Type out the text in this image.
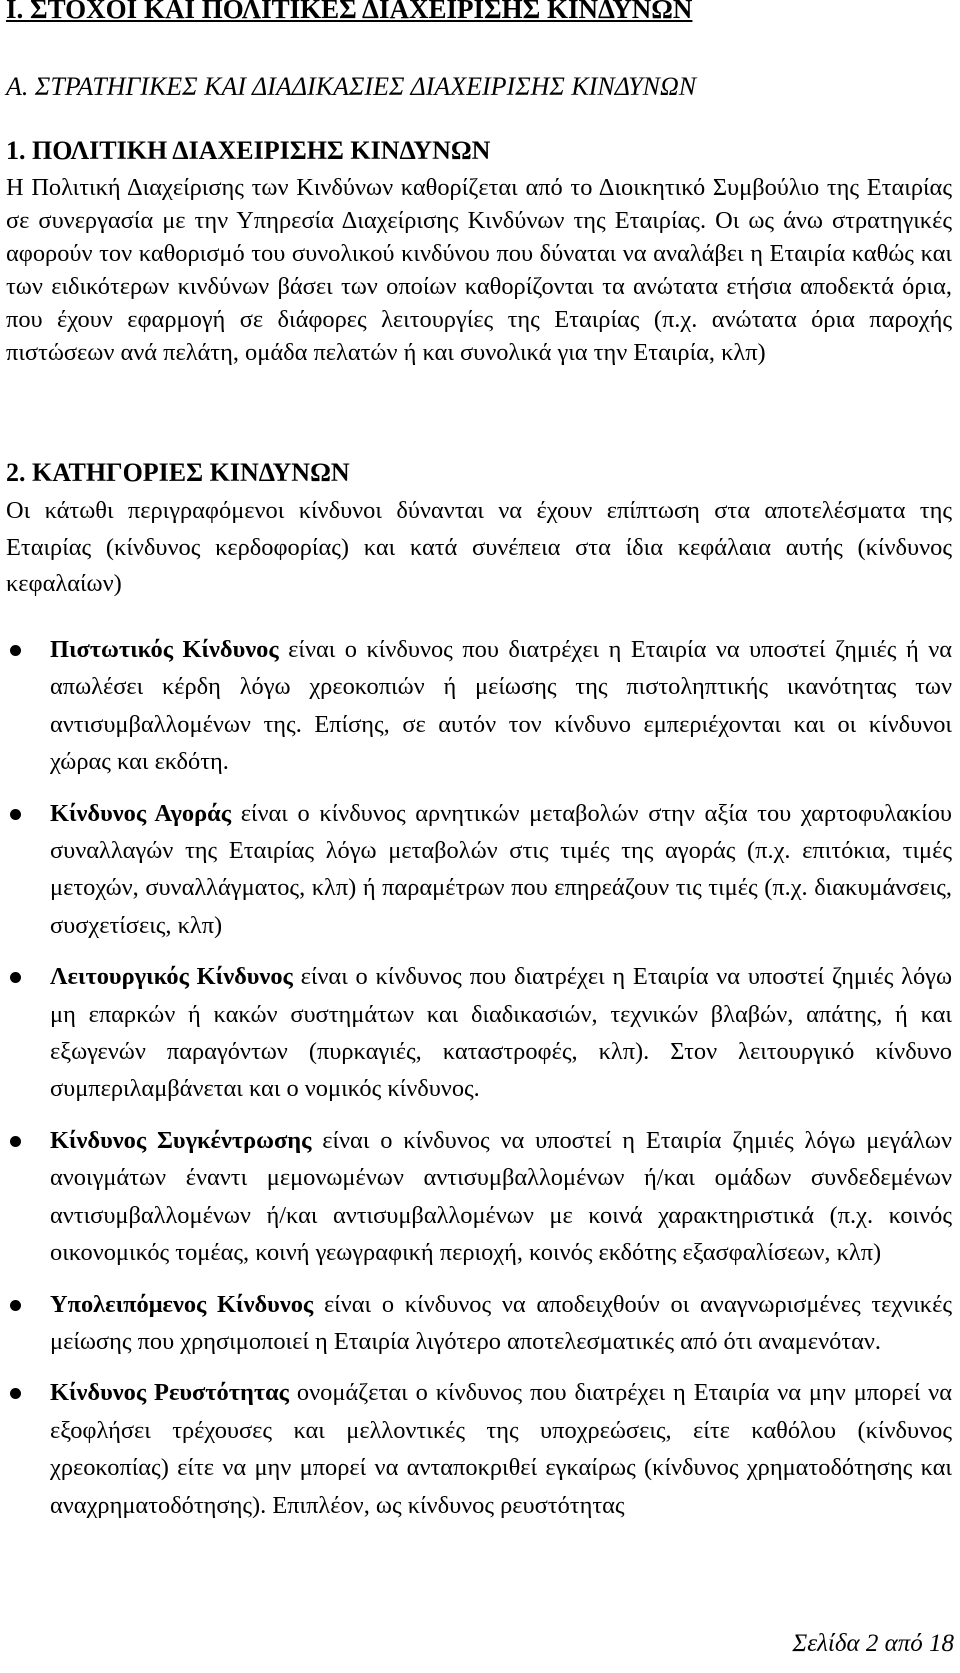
Ι. ΣΤΟΧΟΙ ΚΑΙ ΠΟΛΙΤΙΚΕΣ ΔΙΑΧΕΙΡΙΣΗΣ ΚΙΝΔΥΝΩΝ
Α. ΣΤΡΑΤΗΓΙΚΕΣ ΚΑΙ ΔΙΑΔΙΚΑΣΙΕΣ ΔΙΑΧΕΙΡΙΣΗΣ ΚΙΝΔΥΝΩΝ
1. ΠΟΛΙΤΙΚΗ ΔΙΑΧΕΙΡΙΣΗΣ ΚΙΝΔΥΝΩΝ
Η Πολιτική Διαχείρισης των Κινδύνων καθορίζεται από το Διοικητικό Συμβούλιο της Εταιρίας σε συνεργασία με την Υπηρεσία Διαχείρισης Κινδύνων της Εταιρίας. Οι ως άνω στρατηγικές αφορούν τον καθορισμό του συνολικού κινδύνου που δύναται να αναλάβει η Εταιρία καθώς και των ειδικότερων κινδύνων βάσει των οποίων καθορίζονται τα ανώτατα ετήσια αποδεκτά όρια, που έχουν εφαρμογή σε διάφορες λειτουργίες της Εταιρίας (π.χ. ανώτατα όρια παροχής πιστώσεων ανά πελάτη, ομάδα πελατών ή και συνολικά για την Εταιρία, κλπ)
2. ΚΑΤΗΓΟΡΙΕΣ ΚΙΝΔΥΝΩΝ
Οι κάτωθι περιγραφόμενοι κίνδυνοι δύνανται να έχουν επίπτωση στα αποτελέσματα της Εταιρίας (κίνδυνος κερδοφορίας) και κατά συνέπεια στα ίδια κεφάλαια αυτής (κίνδυνος κεφαλαίων)
Πιστωτικός Κίνδυνος είναι ο κίνδυνος που διατρέχει η Εταιρία να υποστεί ζημιές ή να απωλέσει κέρδη λόγω χρεοκοπιών ή μείωσης της πιστοληπτικής ικανότητας των αντισυμβαλλομένων της. Επίσης, σε αυτόν τον κίνδυνο εμπεριέχονται και οι κίνδυνοι χώρας και εκδότη.
Κίνδυνος Αγοράς είναι ο κίνδυνος αρνητικών μεταβολών στην αξία του χαρτοφυλακίου συναλλαγών της Εταιρίας λόγω μεταβολών στις τιμές της αγοράς (π.χ. επιτόκια, τιμές μετοχών, συναλλάγματος, κλπ) ή παραμέτρων που επηρεάζουν τις τιμές (π.χ. διακυμάνσεις, συσχετίσεις, κλπ)
Λειτουργικός Κίνδυνος είναι ο κίνδυνος που διατρέχει η Εταιρία να υποστεί ζημιές λόγω μη επαρκών ή κακών συστημάτων και διαδικασιών, τεχνικών βλαβών, απάτης, ή και εξωγενών παραγόντων (πυρκαγιές, καταστροφές, κλπ). Στον λειτουργικό κίνδυνο συμπεριλαμβάνεται και ο νομικός κίνδυνος.
Κίνδυνος Συγκέντρωσης είναι ο κίνδυνος να υποστεί η Εταιρία ζημιές λόγω μεγάλων ανοιγμάτων έναντι μεμονωμένων αντισυμβαλλομένων ή/και ομάδων συνδεδεμένων αντισυμβαλλομένων ή/και αντισυμβαλλομένων με κοινά χαρακτηριστικά (π.χ. κοινός οικονομικός τομέας, κοινή γεωγραφική περιοχή, κοινός εκδότης εξασφαλίσεων, κλπ)
Υπολειπόμενος Κίνδυνος είναι ο κίνδυνος να αποδειχθούν οι αναγνωρισμένες τεχνικές μείωσης που χρησιμοποιεί η Εταιρία λιγότερο αποτελεσματικές από ότι αναμενόταν.
Κίνδυνος Ρευστότητας ονομάζεται ο κίνδυνος που διατρέχει η Εταιρία να μην μπορεί να εξοφλήσει τρέχουσες και μελλοντικές της υποχρεώσεις, είτε καθόλου (κίνδυνος χρεοκοπίας) είτε να μην μπορεί να ανταποκριθεί εγκαίρως (κίνδυνος χρηματοδότησης και αναχρηματοδότησης). Επιπλέον, ως κίνδυνος ρευστότητας
Σελίδα 2 από 18
